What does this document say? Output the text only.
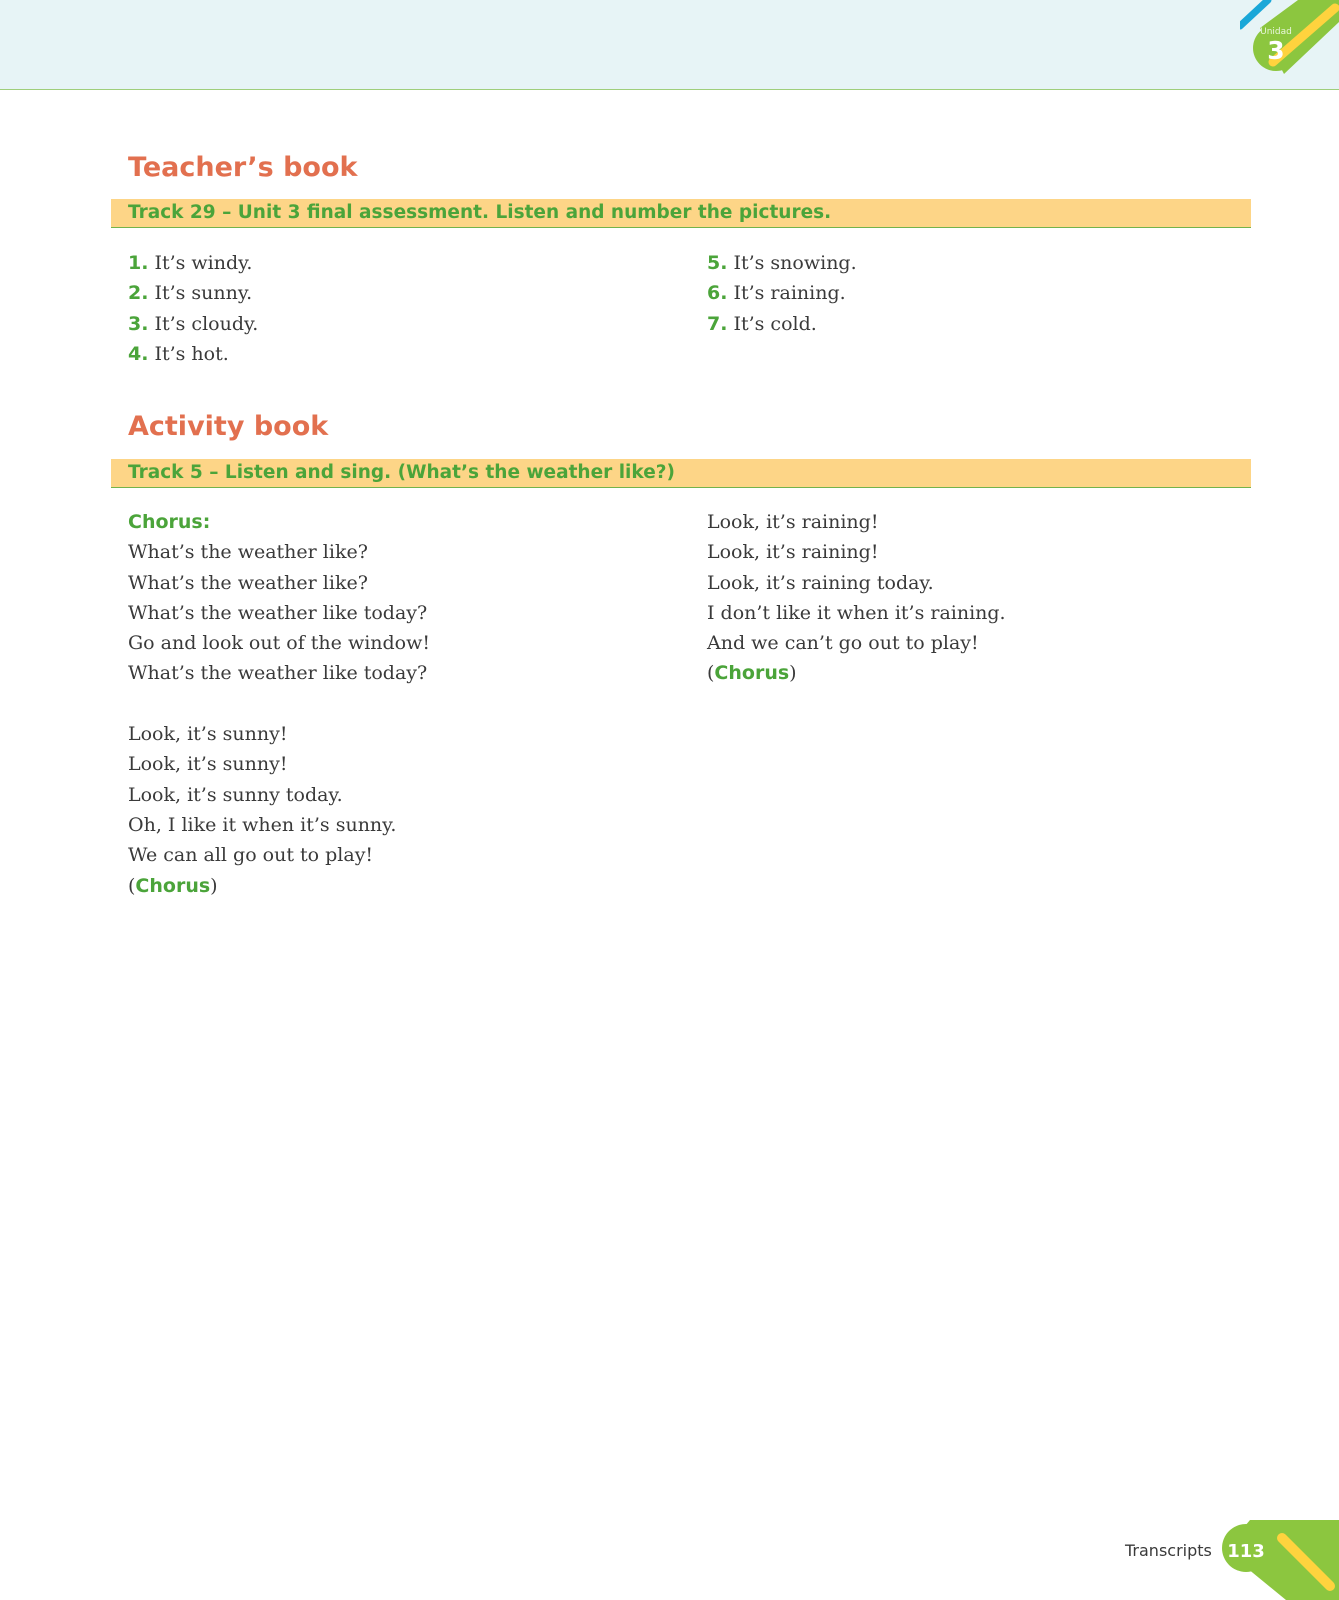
Unidad
3
Teacher’s book
Track 29 – Unit 3 final assessment. Listen and number the pictures.
1. It’s windy.
2. It’s sunny.
3. It’s cloudy.
4. It’s hot.
5. It’s snowing.
6. It’s raining.
7. It’s cold.
Activity book
Track 5 – Listen and sing. (What’s the weather like?)
Chorus:
What’s the weather like?
What’s the weather like?
What’s the weather like today?
Go and look out of the window!
What’s the weather like today?
Look, it’s sunny!
Look, it’s sunny!
Look, it’s sunny today.
Oh, I like it when it’s sunny.
We can all go out to play!
(Chorus)
Look, it’s raining!
Look, it’s raining!
Look, it’s raining today.
I don’t like it when it’s raining.
And we can’t go out to play!
(Chorus)
Transcripts 113
